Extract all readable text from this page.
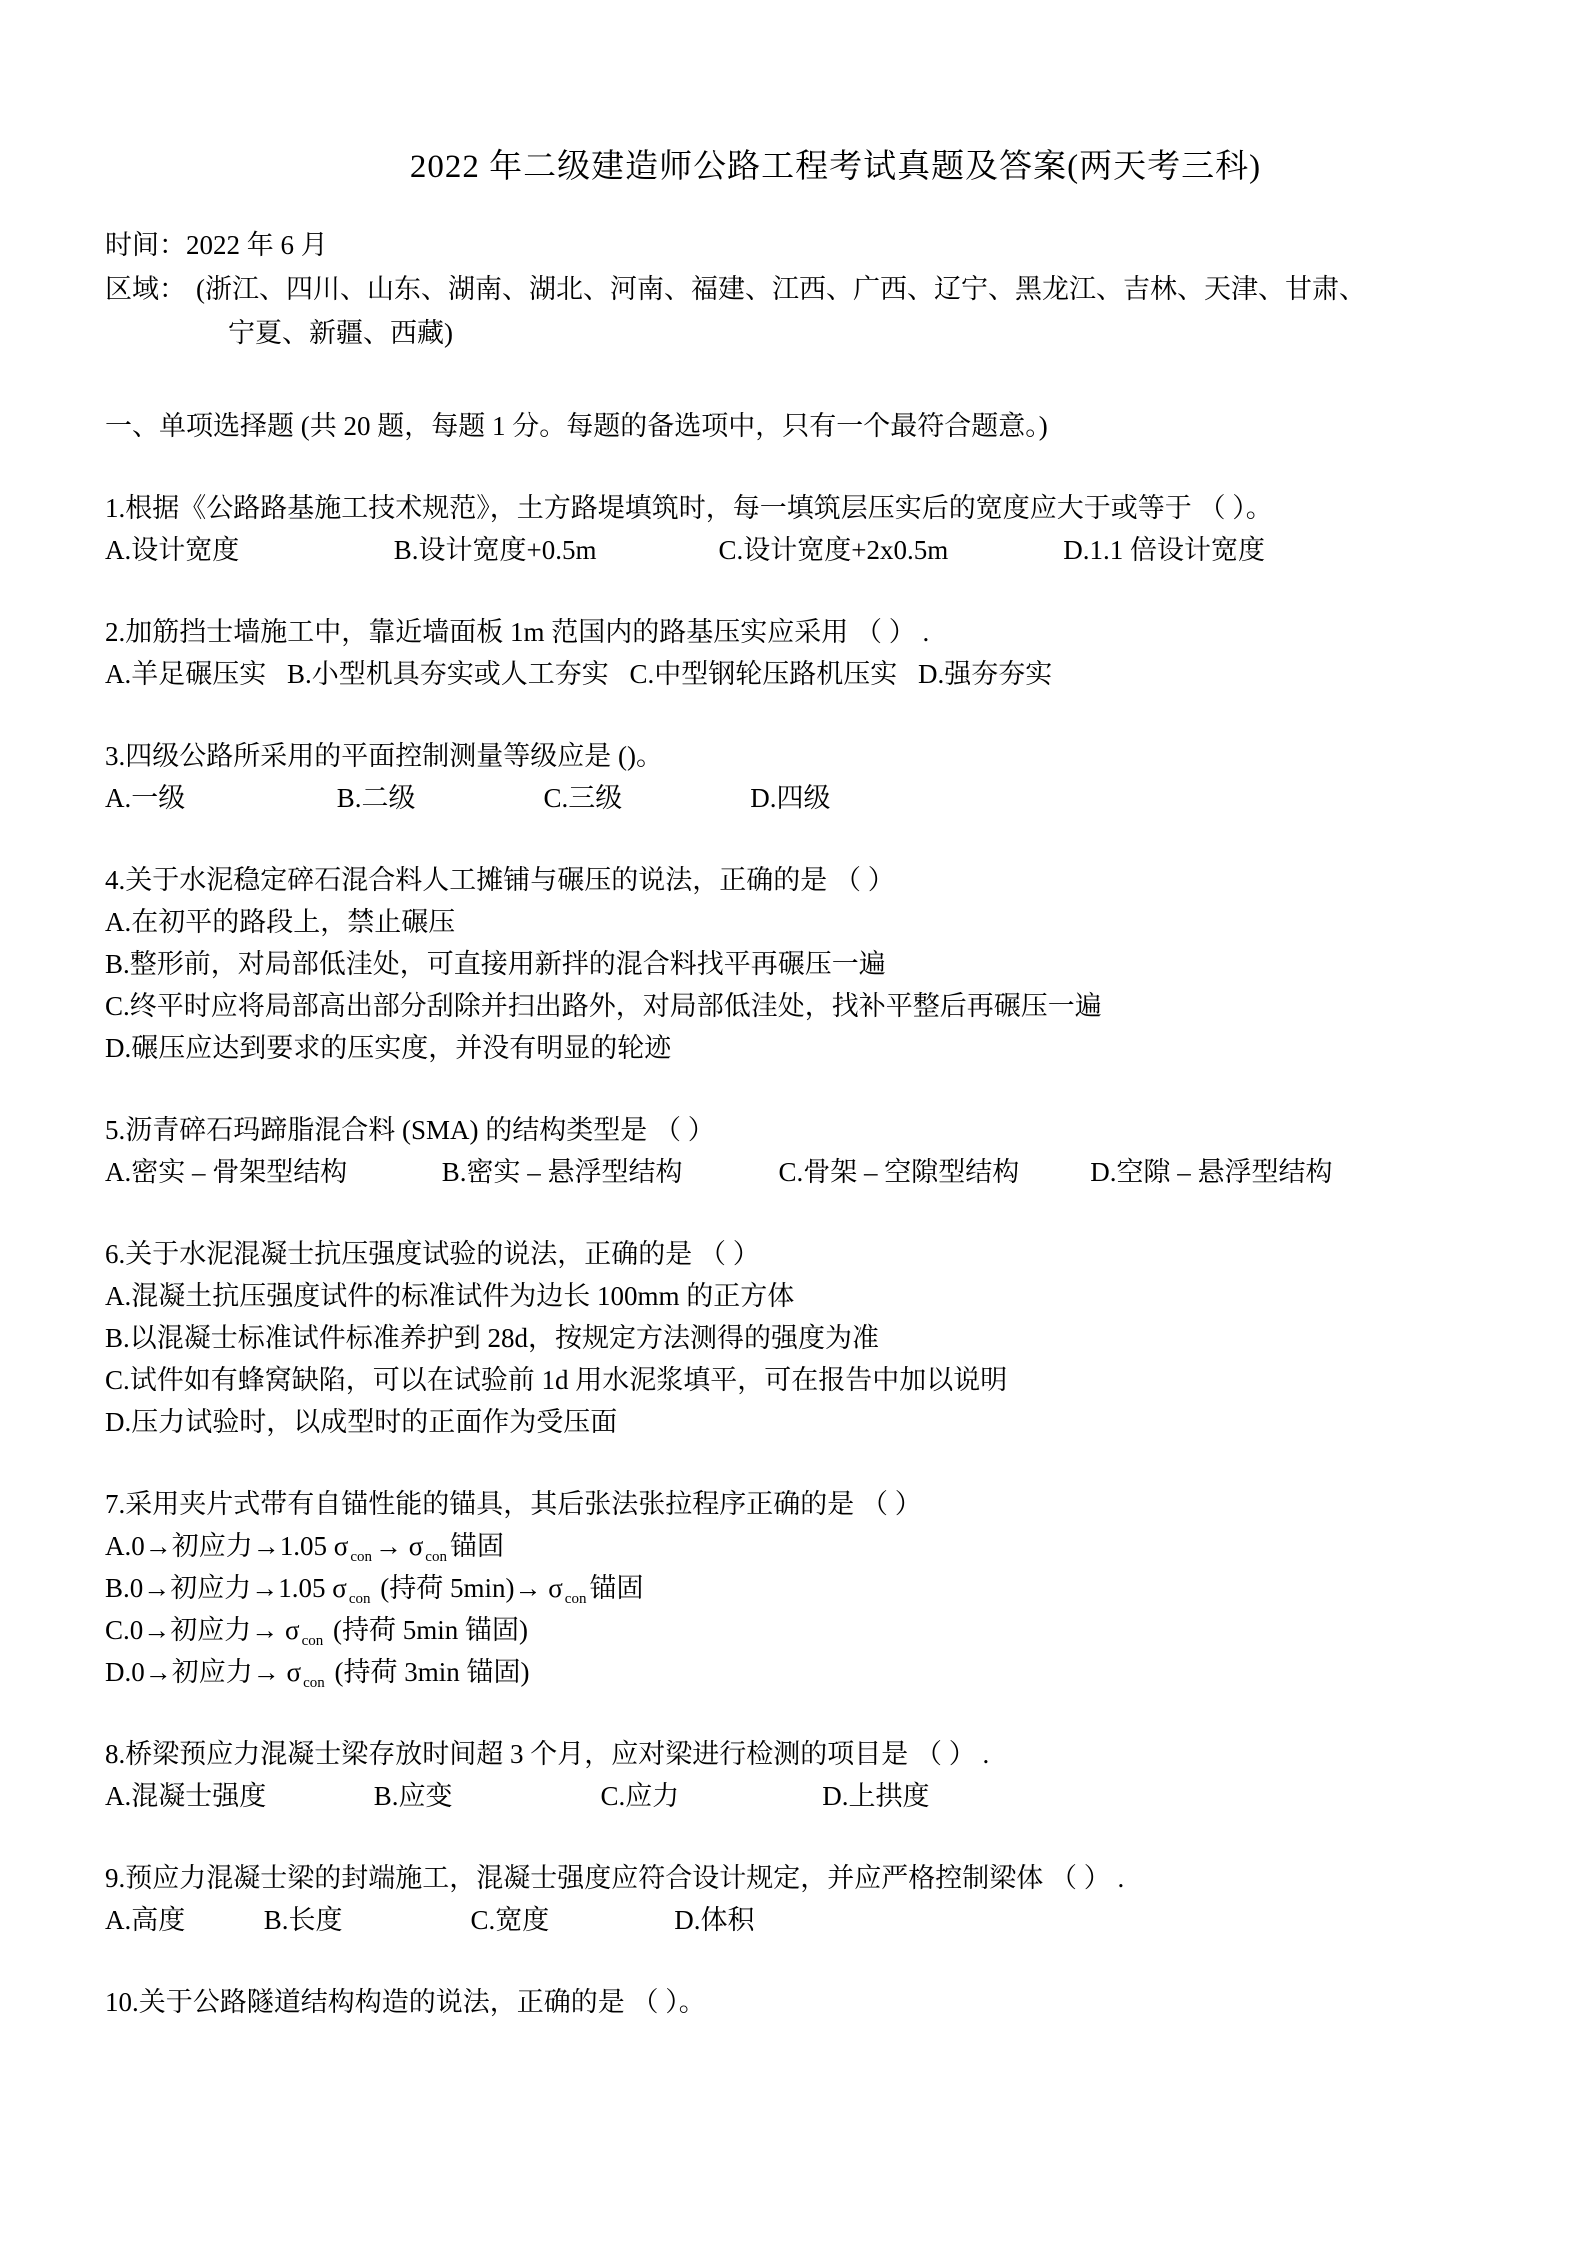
2022 年二级建造师公路工程考试真题及答案(两天考三科)
时间：2022 年 6 月
区域： (浙江、四川、山东、湖南、湖北、河南、福建、江西、广西、辽宁、黑龙江、吉林、天津、甘肃、
宁夏、新疆、西藏)
一、单项选择题 (共 20 题，每题 1 分。每题的备选项中，只有一个最符合题意。)
1.根据《公路路基施工技术规范》，土方路堤填筑时，每一填筑层压实后的宽度应大于或等于 （ ）。
A.设计宽度	B.设计宽度+0.5m	C.设计宽度+2x0.5m	D.1.1 倍设计宽度
2.加筋挡士墙施工中，靠近墙面板 1m 范国内的路基压实应采用 （ ） .
A.羊足碾压实 B.小型机具夯实或人工夯实 C.中型钢轮压路机压实 D.强夯夯实
3.四级公路所采用的平面控制测量等级应是 ()。
A.一级	B.二级	C.三级	D.四级
4.关于水泥稳定碎石混合料人工摊铺与碾压的说法，正确的是 （ ）
A.在初平的路段上，禁止碾压
B.整形前，对局部低洼处，可直接用新拌的混合料找平再碾压一遍
C.终平时应将局部高出部分刮除并扫出路外，对局部低洼处，找补平整后再碾压一遍
D.碾压应达到要求的压实度，并没有明显的轮迹
5.沥青碎石玛蹄脂混合料 (SMA) 的结构类型是 （ ）
A.密实 – 骨架型结构	B.密实 – 悬浮型结构	C.骨架 – 空隙型结构	D.空隙 – 悬浮型结构
6.关于水泥混凝士抗压强度试验的说法，正确的是 （ ）
A.混凝土抗压强度试件的标准试件为边长 100mm 的正方体
B.以混凝士标准试件标准养护到 28d，按规定方法测得的强度为准
C.试件如有蜂窝缺陷，可以在试验前 1d 用水泥浆填平，可在报告中加以说明
D.压力试验时，以成型时的正面作为受压面
7.采用夹片式带有自锚性能的锚具，其后张法张拉程序正确的是 （ ）
A.0→初应力→1.05 σ $_{con}$ → σ $_{con}$ 锚固
B.0→初应力→1.05 σ $_{con}$ (持荷 5min)→ σ $_{con}$ 锚固
C.0→初应力→ σ $_{con}$ (持荷 5min 锚固)
D.0→初应力→ σ $_{con}$ (持荷 3min 锚固)
8.桥梁预应力混凝士梁存放时间超 3 个月，应对梁进行检测的项目是 （ ） .
A.混凝士强度	B.应变	C.应力	D.上拱度
9.预应力混凝士梁的封端施工，混凝士强度应符合设计规定，并应严格控制梁体 （ ） .
A.高度	B.长度	C.宽度	D.体积
10.关于公路隧道结构构造的说法，正确的是 （ ）。
